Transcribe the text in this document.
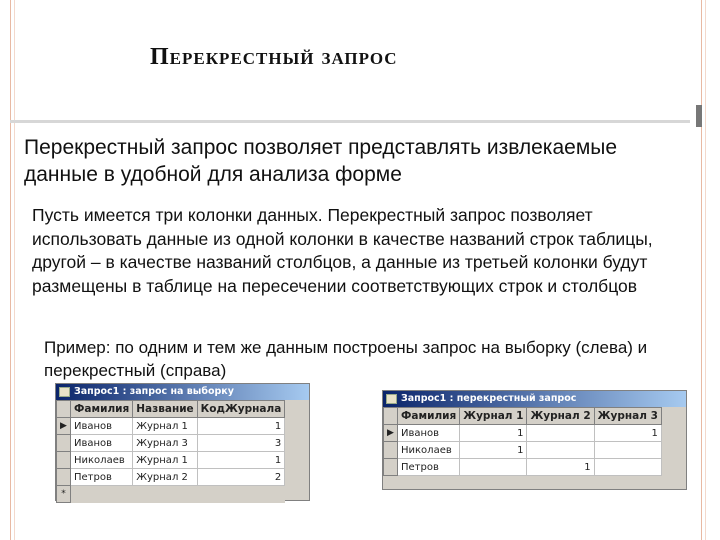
Перекрестный запрос

Перекрестный запрос позволяет представлять извлекаемые данные в удобной для анализа форме

Пусть имеется три колонки данных. Перекрестный запрос позволяет использовать данные из одной колонки в качестве названий строк таблицы, другой – в качестве названий столбцов, а данные из третьей колонки будут размещены в таблице на пересечении соответствующих строк и столбцов

Пример: по одним и тем же данным построены запрос на выборку (слева) и перекрестный (справа)

Запрос1 : запрос на выборку
	Фамилия	Название	КодЖурнала
▶	Иванов	Журнал 1	1
	Иванов	Журнал 3	3
	Николаев	Журнал 1	1
	Петров	Журнал 2	2
*			
Запрос1 : перекрестный запрос
	Фамилия	Журнал 1	Журнал 2	Журнал 3
▶	Иванов	1		1
	Николаев	1		
	Петров		1	
